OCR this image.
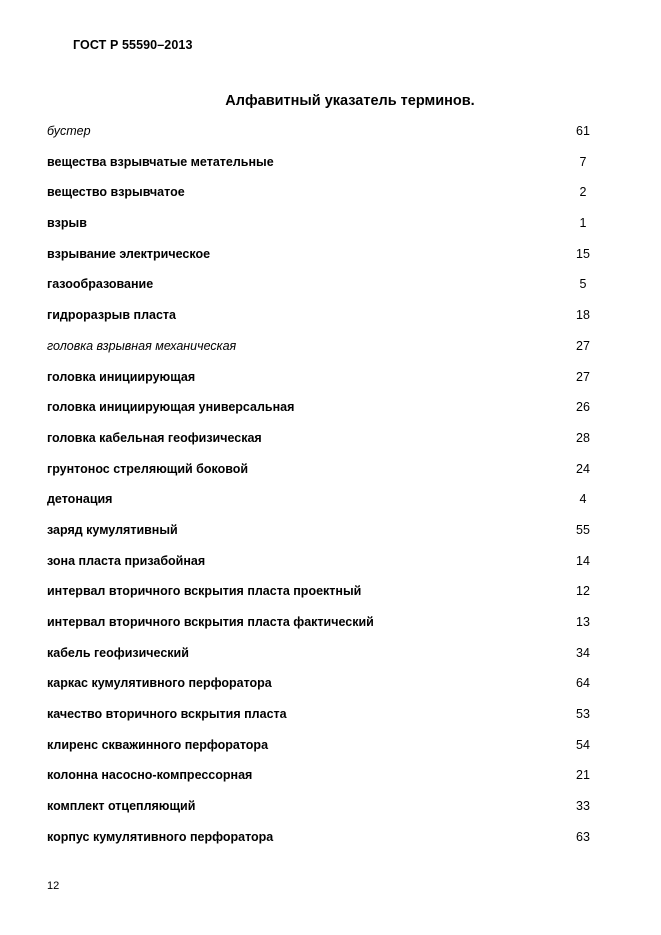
ГОСТ Р 55590–2013
Алфавитный указатель терминов.
бустер	61
вещества взрывчатые метательные	7
вещество взрывчатое	2
взрыв	1
взрывание электрическое	15
газообразование	5
гидроразрыв пласта	18
головка взрывная механическая	27
головка инициирующая	27
головка инициирующая универсальная	26
головка кабельная геофизическая	28
грунтонос стреляющий боковой	24
детонация	4
заряд кумулятивный	55
зона пласта призабойная	14
интервал вторичного вскрытия пласта проектный	12
интервал вторичного вскрытия пласта фактический	13
кабель геофизический	34
каркас кумулятивного перфоратора	64
качество вторичного вскрытия пласта	53
клиренс скважинного перфоратора	54
колонна насосно-компрессорная	21
комплект отцепляющий	33
корпус кумулятивного перфоратора	63
12
